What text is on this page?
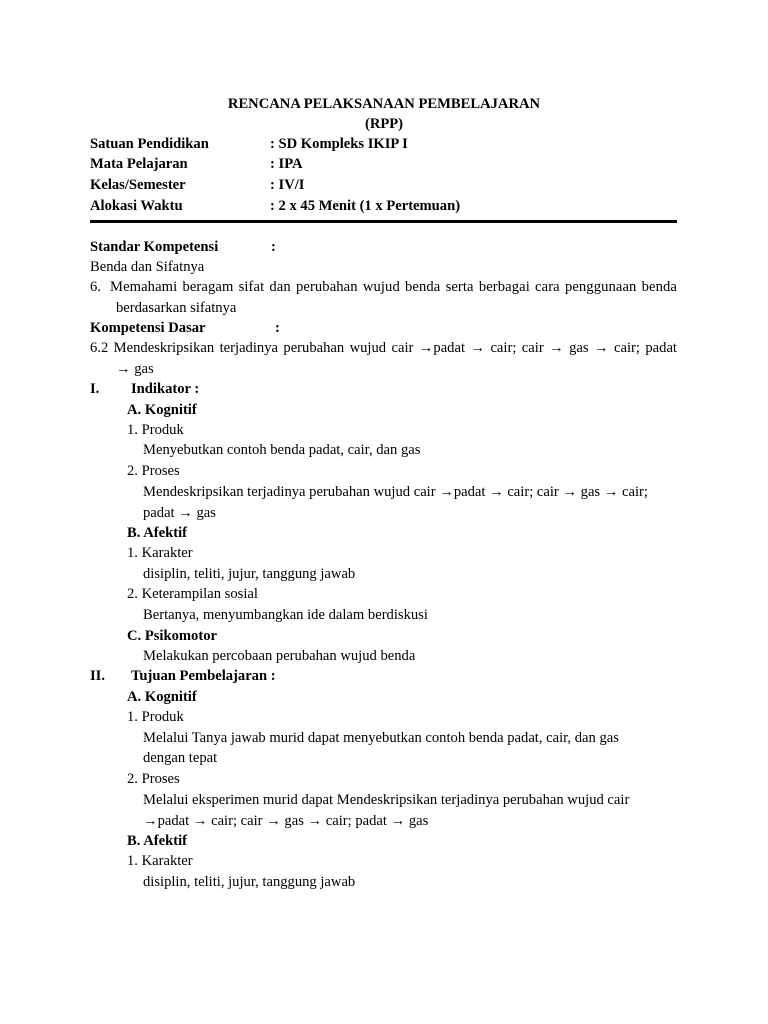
RENCANA PELAKSANAAN PEMBELAJARAN
(RPP)
Satuan Pendidikan	: SD Kompleks IKIP I
Mata Pelajaran	: IPA
Kelas/Semester	: IV/I
Alokasi Waktu	: 2 x 45 Menit (1 x Pertemuan)
Standar Kompetensi	:
Benda dan Sifatnya
6. Memahami beragam sifat dan perubahan wujud benda serta berbagai cara penggunaan benda
berdasarkan sifatnya
Kompetensi Dasar	:
6.2 Mendeskripsikan terjadinya perubahan wujud cair →padat → cair; cair → gas → cair; padat
→ gas
I. Indikator :
A. Kognitif
1. Produk
Menyebutkan contoh benda padat, cair, dan gas
2. Proses
Mendeskripsikan terjadinya perubahan wujud cair →padat → cair; cair → gas → cair;
padat → gas
B. Afektif
1. Karakter
disiplin, teliti, jujur, tanggung jawab
2. Keterampilan sosial
Bertanya, menyumbangkan ide dalam berdiskusi
C. Psikomotor
Melakukan percobaan perubahan wujud benda
II. Tujuan Pembelajaran :
A. Kognitif
1. Produk
Melalui Tanya jawab murid dapat menyebutkan contoh benda padat, cair, dan gas
dengan tepat
2. Proses
Melalui eksperimen murid dapat Mendeskripsikan terjadinya perubahan wujud cair
→padat → cair; cair → gas → cair; padat → gas
B. Afektif
1. Karakter
disiplin, teliti, jujur, tanggung jawab
